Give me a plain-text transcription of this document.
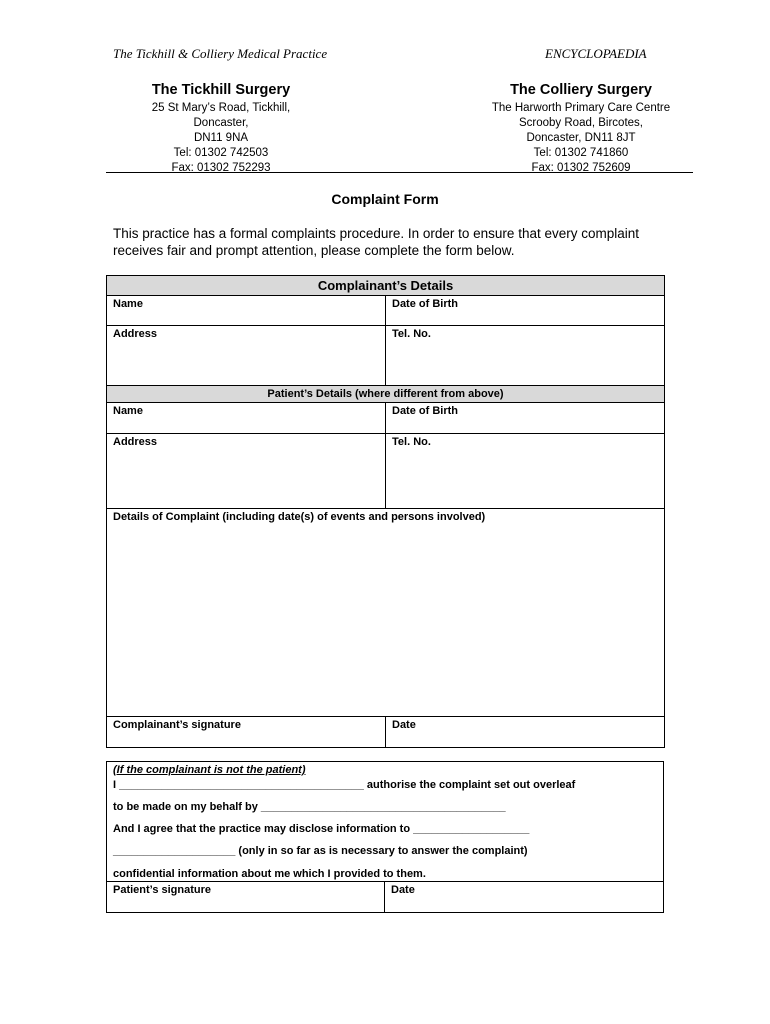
The Tickhill & Colliery Medical Practice	ENCYCLOPAEDIA
The Tickhill Surgery
25 St Mary’s Road, Tickhill,
Doncaster,
DN11 9NA
Tel: 01302 742503
Fax: 01302 752293
The Colliery Surgery
The Harworth Primary Care Centre
Scrooby Road, Bircotes,
Doncaster, DN11 8JT
Tel: 01302 741860
Fax: 01302 752609
Complaint Form
This practice has a formal complaints procedure. In order to ensure that every complaint receives fair and prompt attention, please complete the form below.
Complainant’s Details	
Name	Date of Birth
Address	Tel. No.
Patient’s Details (where different from above)	
Name	Date of Birth
Address	Tel. No.
Details of Complaint (including date(s) of events and persons involved)	
Complainant’s signature	Date
(If the complainant is not the patient)
I ________________________________________ authorise the complaint set out overleaf
to be made on my behalf by ________________________________________
And I agree that the practice may disclose information to ___________________
____________________ (only in so far as is necessary to answer the complaint)
confidential information about me which I provided to them.
Patient’s signature	Date
